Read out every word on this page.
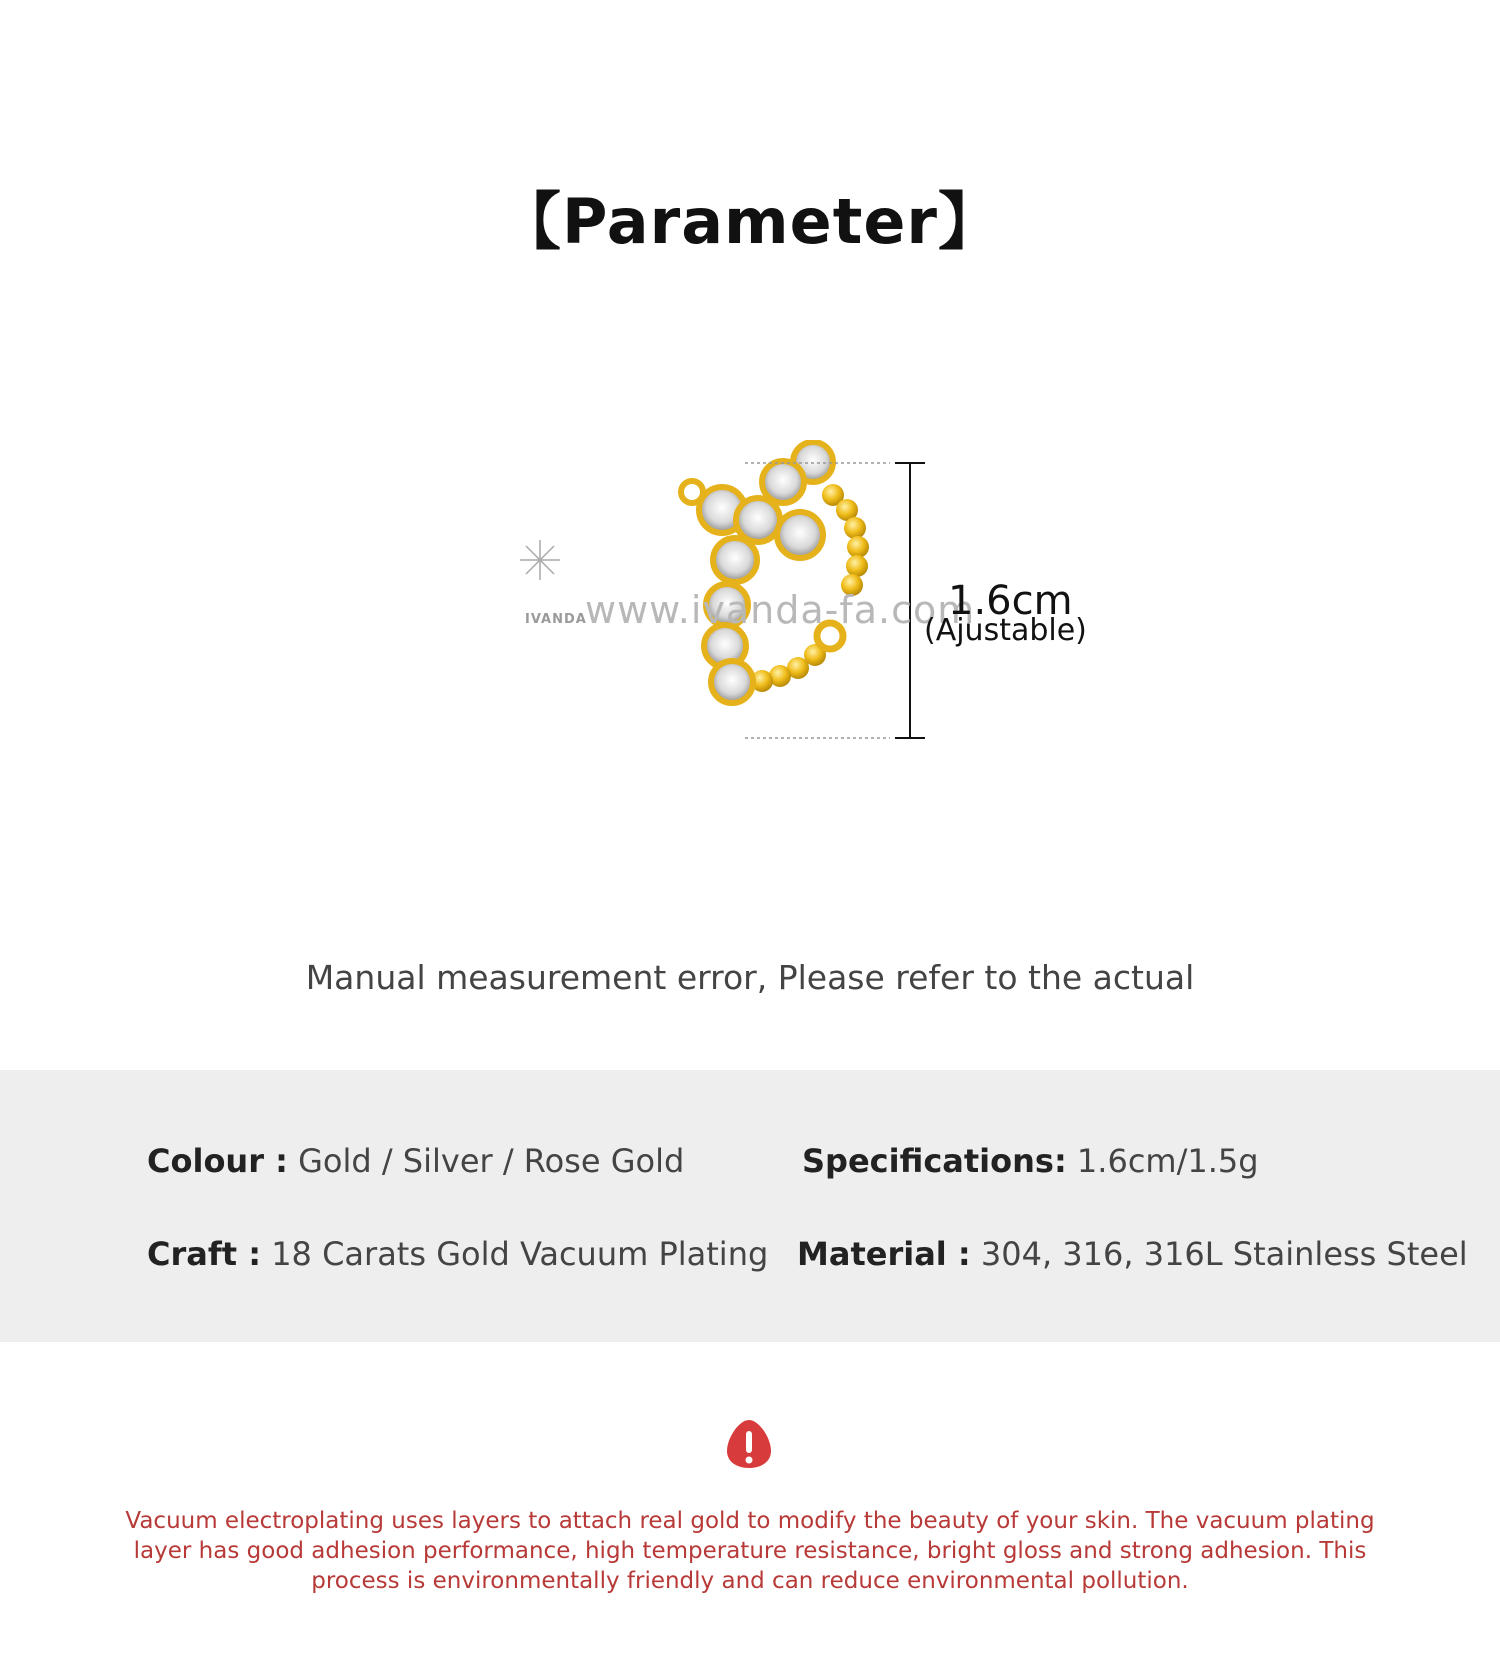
【Parameter】
www.ivanda-fa.com
IVANDA	1.6cm
(Ajustable)
Manual measurement error, Please refer to the actual
Colour : Gold / Silver / Rose Gold	Specifications: 1.6cm/1.5g
Craft : 18 Carats Gold Vacuum Plating Material : 304, 316, 316L Stainless Steel
Vacuum electroplating uses layers to attach real gold to modify the beauty of your skin. The vacuum plating layer has good adhesion performance, high temperature resistance, bright gloss and strong adhesion. This process is environmentally friendly and can reduce environmental pollution.
